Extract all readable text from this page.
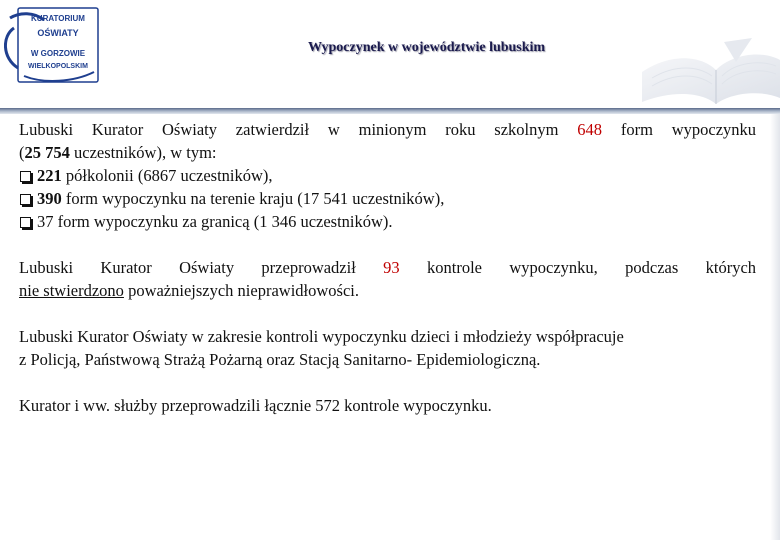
KURATORIUM
OŚWIATY
W GORZOWIE
WIELKOPOLSKIM
Wypoczynek w województwie lubuskim

Lubuski Kurator Oświaty zatwierdził w minionym roku szkolnym 648 form wypoczynku

(25 754 uczestników), w tym:

221 półkolonii (6867 uczestników),
390 form wypoczynku na terenie kraju (17 541 uczestników),
37 form wypoczynku za granicą (1 346 uczestników).

Lubuski Kurator Oświaty przeprowadził 93 kontrole wypoczynku, podczas których

nie stwierdzono poważniejszych nieprawidłowości.

Lubuski Kurator Oświaty w zakresie kontroli wypoczynku dzieci i młodzieży współpracuje

z Policją, Państwową Strażą Pożarną oraz Stacją Sanitarno- Epidemiologiczną.

Kurator i ww. służby przeprowadzili łącznie 572 kontrole wypoczynku.
